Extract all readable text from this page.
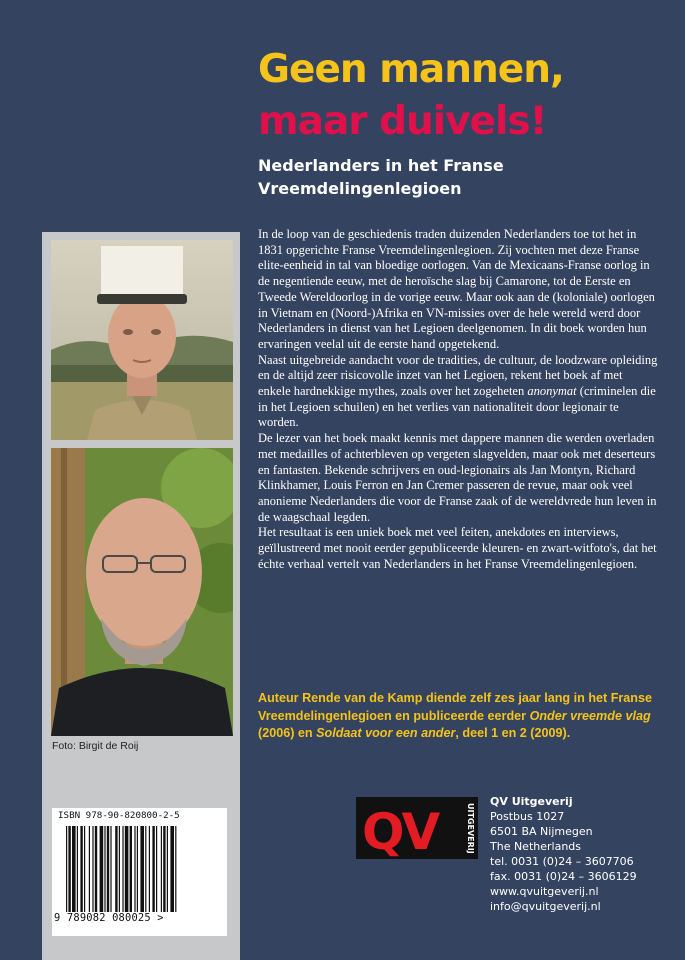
Geen mannen,
maar duivels!
Nederlanders in het Franse
Vreemdelingenlegioen
Foto: Birgit de Roij
ISBN 978-90-820800-2-5
9 789082 080025 >

In de loop van de geschiedenis traden duizenden Nederlanders toe tot het in 1831 opgerichte Franse Vreemdelingenlegioen. Zij vochten met deze Franse elite-eenheid in tal van bloedige oorlogen. Van de Mexicaans-Franse oorlog in de negentiende eeuw, met de heroïsche slag bij Camarone, tot de Eerste en Tweede Wereldoorlog in de vorige eeuw. Maar ook aan de (koloniale) oorlogen in Vietnam en (Noord-)Afrika en VN-missies over de hele wereld werd door Nederlanders in dienst van het Legioen deelgenomen. In dit boek worden hun ervaringen veelal uit de eerste hand opgetekend.

Naast uitgebreide aandacht voor de tradities, de cultuur, de loodzware opleiding en de altijd zeer risicovolle inzet van het Legioen, rekent het boek af met enkele hardnekkige mythes, zoals over het zogeheten anonymat (criminelen die in het Legioen schuilen) en het verlies van nationaliteit door legionair te worden.

De lezer van het boek maakt kennis met dappere mannen die werden overladen met medailles of achterbleven op vergeten slagvelden, maar ook met deserteurs en fantasten. Bekende schrijvers en oud-legionairs als Jan Montyn, Richard Klinkhamer, Louis Ferron en Jan Cremer passeren de revue, maar ook veel anonieme Nederlanders die voor de Franse zaak of de wereldvrede hun leven in de waagschaal legden.

Het resultaat is een uniek boek met veel feiten, anekdotes en interviews, geïllustreerd met nooit eerder gepubliceerde kleuren- en zwart-witfoto's, dat het échte verhaal vertelt van Nederlanders in het Franse Vreemdelingenlegioen.

Auteur Rende van de Kamp diende zelf zes jaar lang in het Franse Vreemdelingenlegioen en publiceerde eerder Onder vreemde vlag (2006) en Soldaat voor een ander, deel 1 en 2 (2009).
QV	UITGEVERIJ
QV Uitgeverij
Postbus 1027
6501 BA Nijmegen
The Netherlands
tel. 0031 (0)24 – 3607706
fax. 0031 (0)24 – 3606129
www.qvuitgeverij.nl
info@qvuitgeverij.nl
